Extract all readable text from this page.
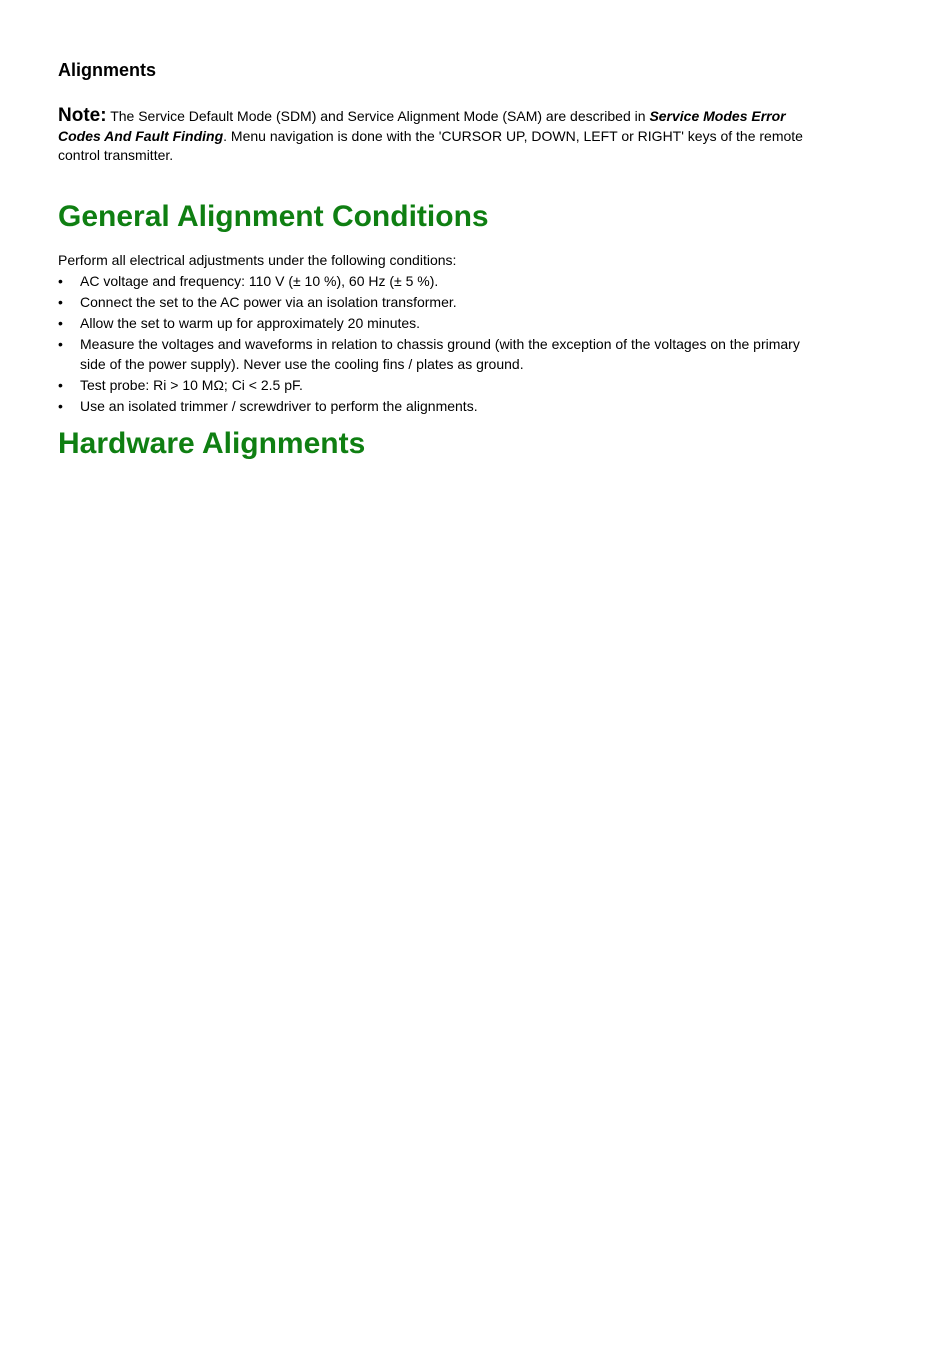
Alignments

Note: The Service Default Mode (SDM) and Service Alignment Mode (SAM) are described in Service Modes Error Codes And Fault Finding. Menu navigation is done with the 'CURSOR UP, DOWN, LEFT or RIGHT' keys of the remote control transmitter.

General Alignment Conditions

Perform all electrical adjustments under the following conditions:

•	AC voltage and frequency: 110 V (± 10 %), 60 Hz (± 5 %).
•	Connect the set to the AC power via an isolation transformer.
•	Allow the set to warm up for approximately 20 minutes.
•	Measure the voltages and waveforms in relation to chassis ground (with the exception of the voltages on the primary side of the power supply). Never use the cooling fins / plates as ground.
•	Test probe: Ri > 10 MΩ; Ci < 2.5 pF.
•	Use an isolated trimmer / screwdriver to perform the alignments.
Hardware Alignments
